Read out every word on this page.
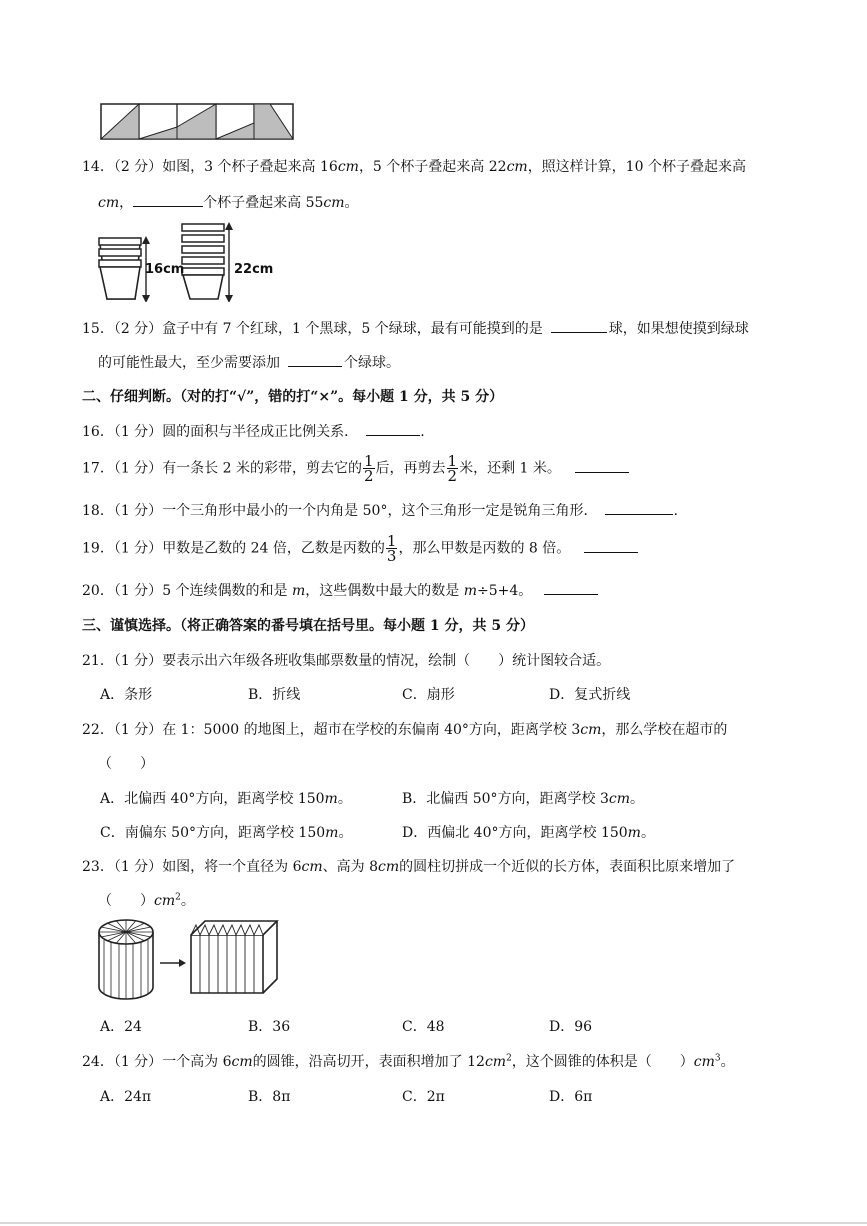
14．（2 分）如图，3 个杯子叠起来高 16cm，5 个杯子叠起来高 22cm，照这样计算，10 个杯子叠起来高
cm，	个杯子叠起来高 55cm。
16cm	22cm
15．（2 分）盒子中有 7 个红球，1 个黑球，5 个绿球，最有可能摸到的是	球，如果想使摸到绿球
的可能性最大，至少需要添加	个绿球。
二、仔细判断。（对的打“√”，错的打“×”。每小题 1 分，共 5 分）
16．（1 分）圆的面积与半径成正比例关系．	.
17．（1 分）有一条长 2 米的彩带，剪去它的 $\frac{1}{2}$ 后，再剪去 $\frac{1}{2}$ 米，还剩 1 米。
18．（1 分）一个三角形中最小的一个内角是 50°，这个三角形一定是锐角三角形．	.
19．（1 分）甲数是乙数的 24 倍，乙数是丙数的 $\frac{1}{3}$ ，那么甲数是丙数的 8 倍。
20．（1 分）5 个连续偶数的和是 m，这些偶数中最大的数是 m÷5+4。
三、谨慎选择。（将正确答案的番号填在括号里。每小题 1 分，共 5 分）
21．（1 分）要表示出六年级各班收集邮票数量的情况，绘制（　　）统计图较合适。
A．条形	B．折线	C．扇形	D．复式折线
22．（1 分）在 1：5000 的地图上，超市在学校的东偏南 40°方向，距离学校 3cm，那么学校在超市的
（　　）
A．北偏西 40°方向，距离学校 150m。	B．北偏西 50°方向，距离学校 3cm。
C．南偏东 50°方向，距离学校 150m。	D．西偏北 40°方向，距离学校 150m。
23．（1 分）如图，将一个直径为 6cm、高为 8cm的圆柱切拼成一个近似的长方体，表面积比原来增加了
（　　）$cm^2$。
A．24	B．36	C．48	D．96
24．（1 分）一个高为 6cm的圆锥，沿高切开，表面积增加了 $12cm^2$，这个圆锥的体积是（　　）$cm^3$。
A．24π	B．8π	C．2π	D．6π
